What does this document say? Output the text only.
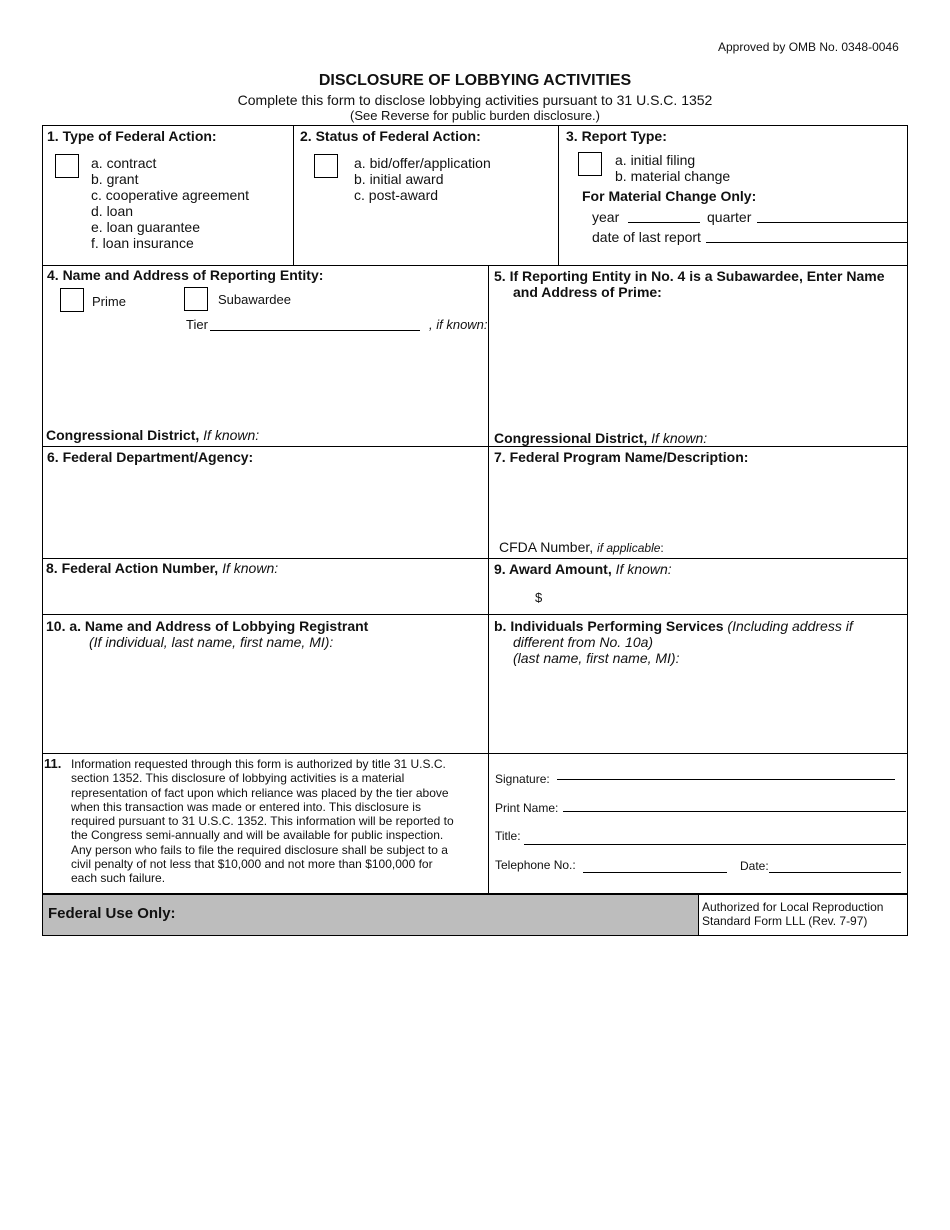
Approved by OMB No. 0348-0046
DISCLOSURE OF LOBBYING ACTIVITIES
Complete this form to disclose lobbying activities pursuant to 31 U.S.C. 1352
(See Reverse for public burden disclosure.)
1. Type of Federal Action:
a. contract
b. grant
c. cooperative agreement
d. loan
e. loan guarantee
f. loan insurance
2. Status of Federal Action:
a. bid/offer/application
b. initial award
c. post-award
3. Report Type:
a. initial filing
b. material change
For Material Change Only:
year	quarter
date of last report
4. Name and Address of Reporting Entity:
Prime	Subawardee
Tier	, if known:
Congressional District, If known:
5. If Reporting Entity in No. 4 is a Subawardee, Enter Name
and Address of Prime:
Congressional District, If known:
6. Federal Department/Agency:	7. Federal Program Name/Description:
CFDA Number, if applicable:
8. Federal Action Number, If known:	9. Award Amount, If known:
$
10. a. Name and Address of Lobbying Registrant
(If individual, last name, first name, MI):
b. Individuals Performing Services (Including address if
different from No. 10a)
(last name, first name, MI):
11. Information requested through this form is authorized by title 31 U.S.C.
section 1352. This disclosure of lobbying activities is a material
representation of fact upon which reliance was placed by the tier above
when this transaction was made or entered into. This disclosure is
required pursuant to 31 U.S.C. 1352. This information will be reported to
the Congress semi-annually and will be available for public inspection.
Any person who fails to file the required disclosure shall be subject to a
civil penalty of not less that $10,000 and not more than $100,000 for
each such failure.
Signature:
Print Name:
Title:
Telephone No.:	Date:
Federal Use Only:	Authorized for Local Reproduction
Standard Form LLL (Rev. 7-97)
